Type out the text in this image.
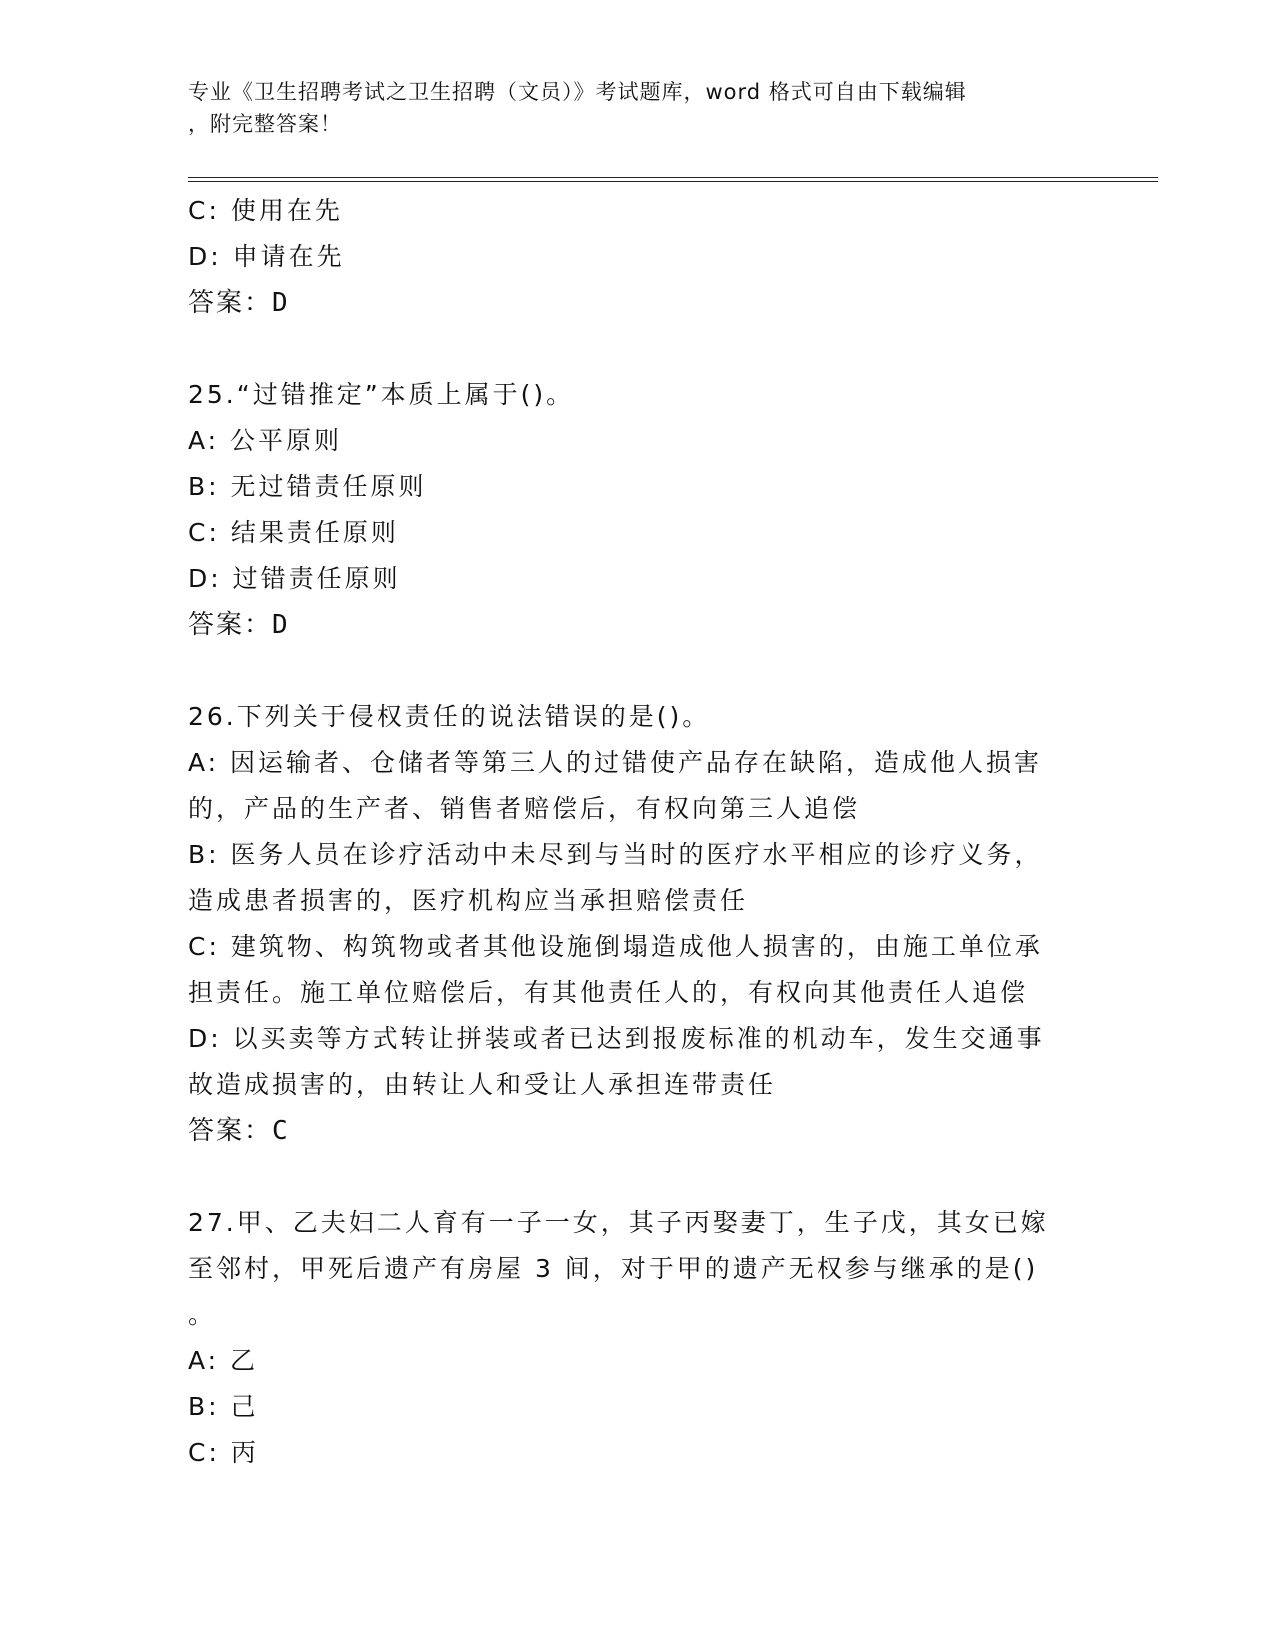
专业《卫生招聘考试之卫生招聘（文员）》考试题库，word 格式可自由下载编辑
，附完整答案！
C: 使用在先
D: 申请在先
答案：D
25.“过错推定”本质上属于()。
A: 公平原则
B: 无过错责任原则
C: 结果责任原则
D: 过错责任原则
答案：D
26.下列关于侵权责任的说法错误的是()。
A: 因运输者、仓储者等第三人的过错使产品存在缺陷，造成他人损害
的，产品的生产者、销售者赔偿后，有权向第三人追偿
B: 医务人员在诊疗活动中未尽到与当时的医疗水平相应的诊疗义务，
造成患者损害的，医疗机构应当承担赔偿责任
C: 建筑物、构筑物或者其他设施倒塌造成他人损害的，由施工单位承
担责任。施工单位赔偿后，有其他责任人的，有权向其他责任人追偿
D: 以买卖等方式转让拼装或者已达到报废标准的机动车，发生交通事
故造成损害的，由转让人和受让人承担连带责任
答案：C
27.甲、乙夫妇二人育有一子一女，其子丙娶妻丁，生子戊，其女已嫁
至邻村，甲死后遗产有房屋 3 间，对于甲的遗产无权参与继承的是()
。
A: 乙
B: 己
C: 丙
